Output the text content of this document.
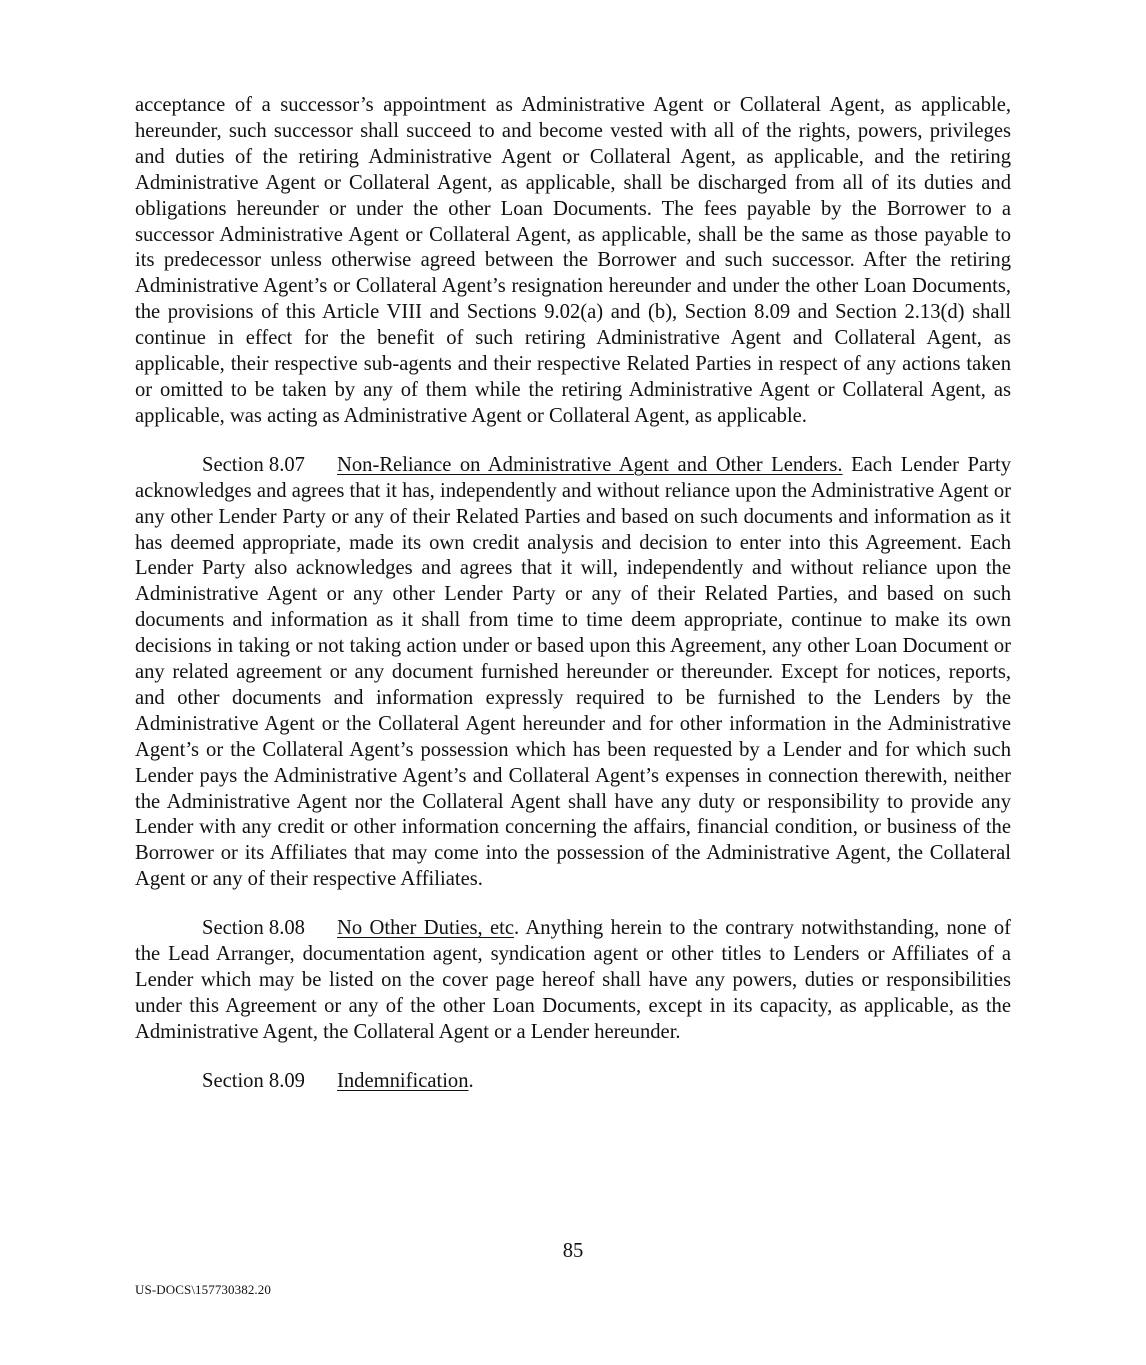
acceptance of a successor’s appointment as Administrative Agent or Collateral Agent, as applicable, hereunder, such successor shall succeed to and become vested with all of the rights, powers, privileges and duties of the retiring Administrative Agent or Collateral Agent, as applicable, and the retiring Administrative Agent or Collateral Agent, as applicable, shall be discharged from all of its duties and obligations hereunder or under the other Loan Documents. The fees payable by the Borrower to a successor Administrative Agent or Collateral Agent, as applicable, shall be the same as those payable to its predecessor unless otherwise agreed between the Borrower and such successor. After the retiring Administrative Agent’s or Collateral Agent’s resignation hereunder and under the other Loan Documents, the provisions of this Article VIII and Sections 9.02(a) and (b), Section 8.09 and Section 2.13(d) shall continue in effect for the benefit of such retiring Administrative Agent and Collateral Agent, as applicable, their respective sub-agents and their respective Related Parties in respect of any actions taken or omitted to be taken by any of them while the retiring Administrative Agent or Collateral Agent, as applicable, was acting as Administrative Agent or Collateral Agent, as applicable.

Section 8.07 Non-Reliance on Administrative Agent and Other Lenders. Each Lender Party acknowledges and agrees that it has, independently and without reliance upon the Administrative Agent or any other Lender Party or any of their Related Parties and based on such documents and information as it has deemed appropriate, made its own credit analysis and decision to enter into this Agreement. Each Lender Party also acknowledges and agrees that it will, independently and without reliance upon the Administrative Agent or any other Lender Party or any of their Related Parties, and based on such documents and information as it shall from time to time deem appropriate, continue to make its own decisions in taking or not taking action under or based upon this Agreement, any other Loan Document or any related agreement or any document furnished hereunder or thereunder. Except for notices, reports, and other documents and information expressly required to be furnished to the Lenders by the Administrative Agent or the Collateral Agent hereunder and for other information in the Administrative Agent’s or the Collateral Agent’s possession which has been requested by a Lender and for which such Lender pays the Administrative Agent’s and Collateral Agent’s expenses in connection therewith, neither the Administrative Agent nor the Collateral Agent shall have any duty or responsibility to provide any Lender with any credit or other information concerning the affairs, financial condition, or business of the Borrower or its Affiliates that may come into the possession of the Administrative Agent, the Collateral Agent or any of their respective Affiliates.

Section 8.08 No Other Duties, etc. Anything herein to the contrary notwithstanding, none of the Lead Arranger, documentation agent, syndication agent or other titles to Lenders or Affiliates of a Lender which may be listed on the cover page hereof shall have any powers, duties or responsibilities under this Agreement or any of the other Loan Documents, except in its capacity, as applicable, as the Administrative Agent, the Collateral Agent or a Lender hereunder.

Section 8.09 Indemnification.

85
US-DOCS\157730382.20
